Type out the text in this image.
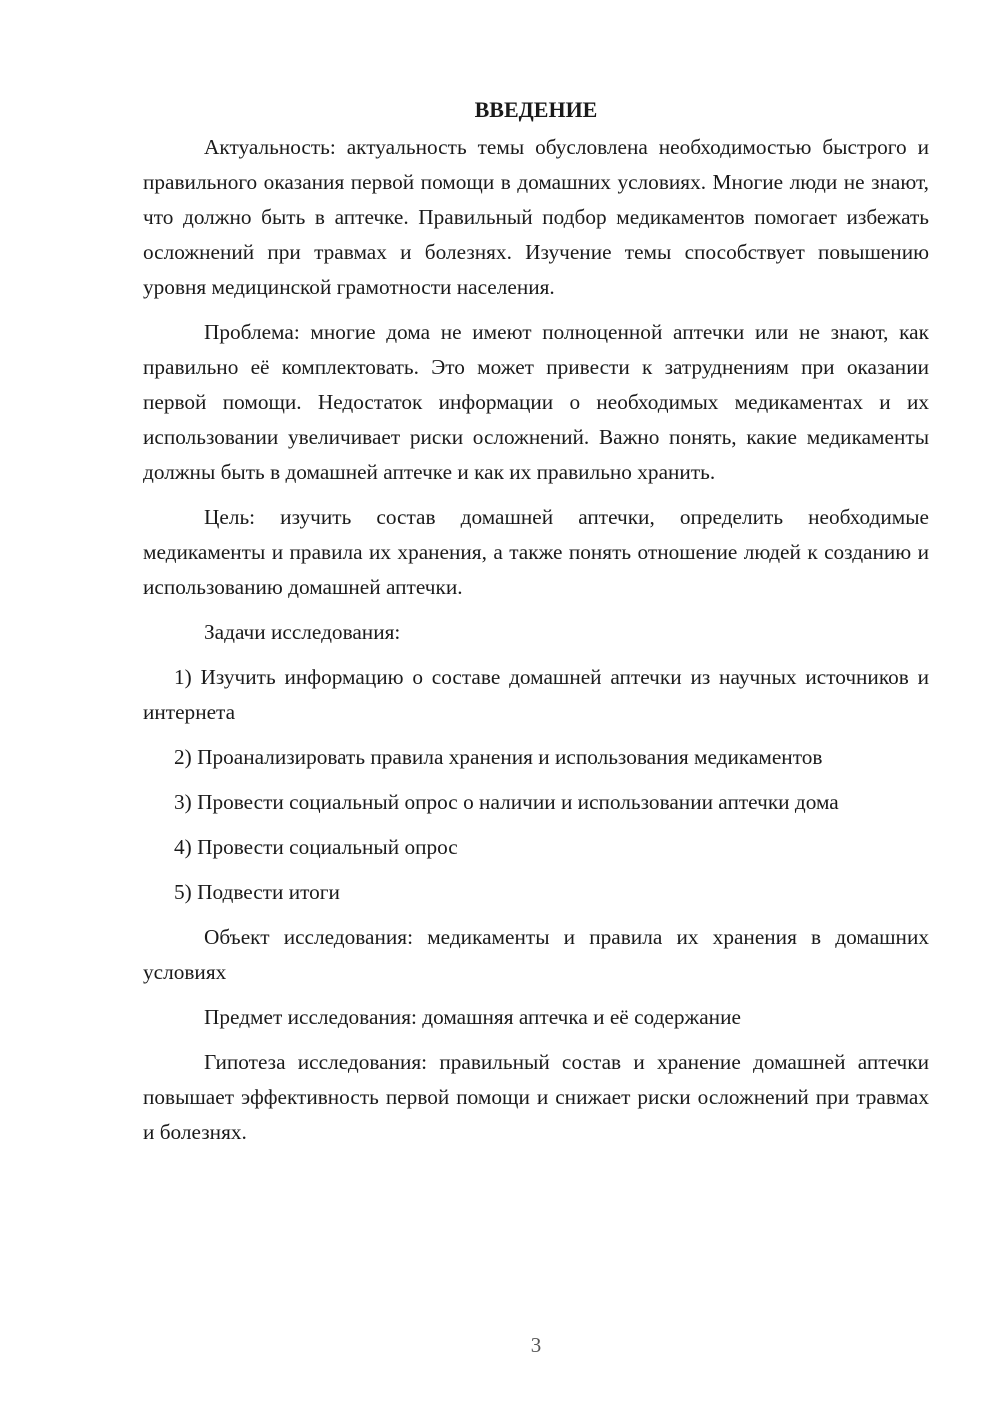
ВВЕДЕНИЕ

Актуальность: актуальность темы обусловлена необходимостью быстрого и правильного оказания первой помощи в домашних условиях. Многие люди не знают, что должно быть в аптечке. Правильный подбор медикаментов помогает избежать осложнений при травмах и болезнях. Изучение темы способствует повышению уровня медицинской грамотности населения.

Проблема: многие дома не имеют полноценной аптечки или не знают, как правильно её комплектовать. Это может привести к затруднениям при оказании первой помощи. Недостаток информации о необходимых медикаментах и их использовании увеличивает риски осложнений. Важно понять, какие медикаменты должны быть в домашней аптечке и как их правильно хранить.

Цель: изучить состав домашней аптечки, определить необходимые медикаменты и правила их хранения, а также понять отношение людей к созданию и использованию домашней аптечки.

Задачи исследования:

1) Изучить информацию о составе домашней аптечки из научных источников и интернета

2) Проанализировать правила хранения и использования медикаментов

3) Провести социальный опрос о наличии и использовании аптечки дома

4) Провести социальный опрос

5) Подвести итоги

Объект исследования: медикаменты и правила их хранения в домашних условиях

Предмет исследования: домашняя аптечка и её содержание

Гипотеза исследования: правильный состав и хранение домашней аптечки повышает эффективность первой помощи и снижает риски осложнений при травмах и болезнях.

3
